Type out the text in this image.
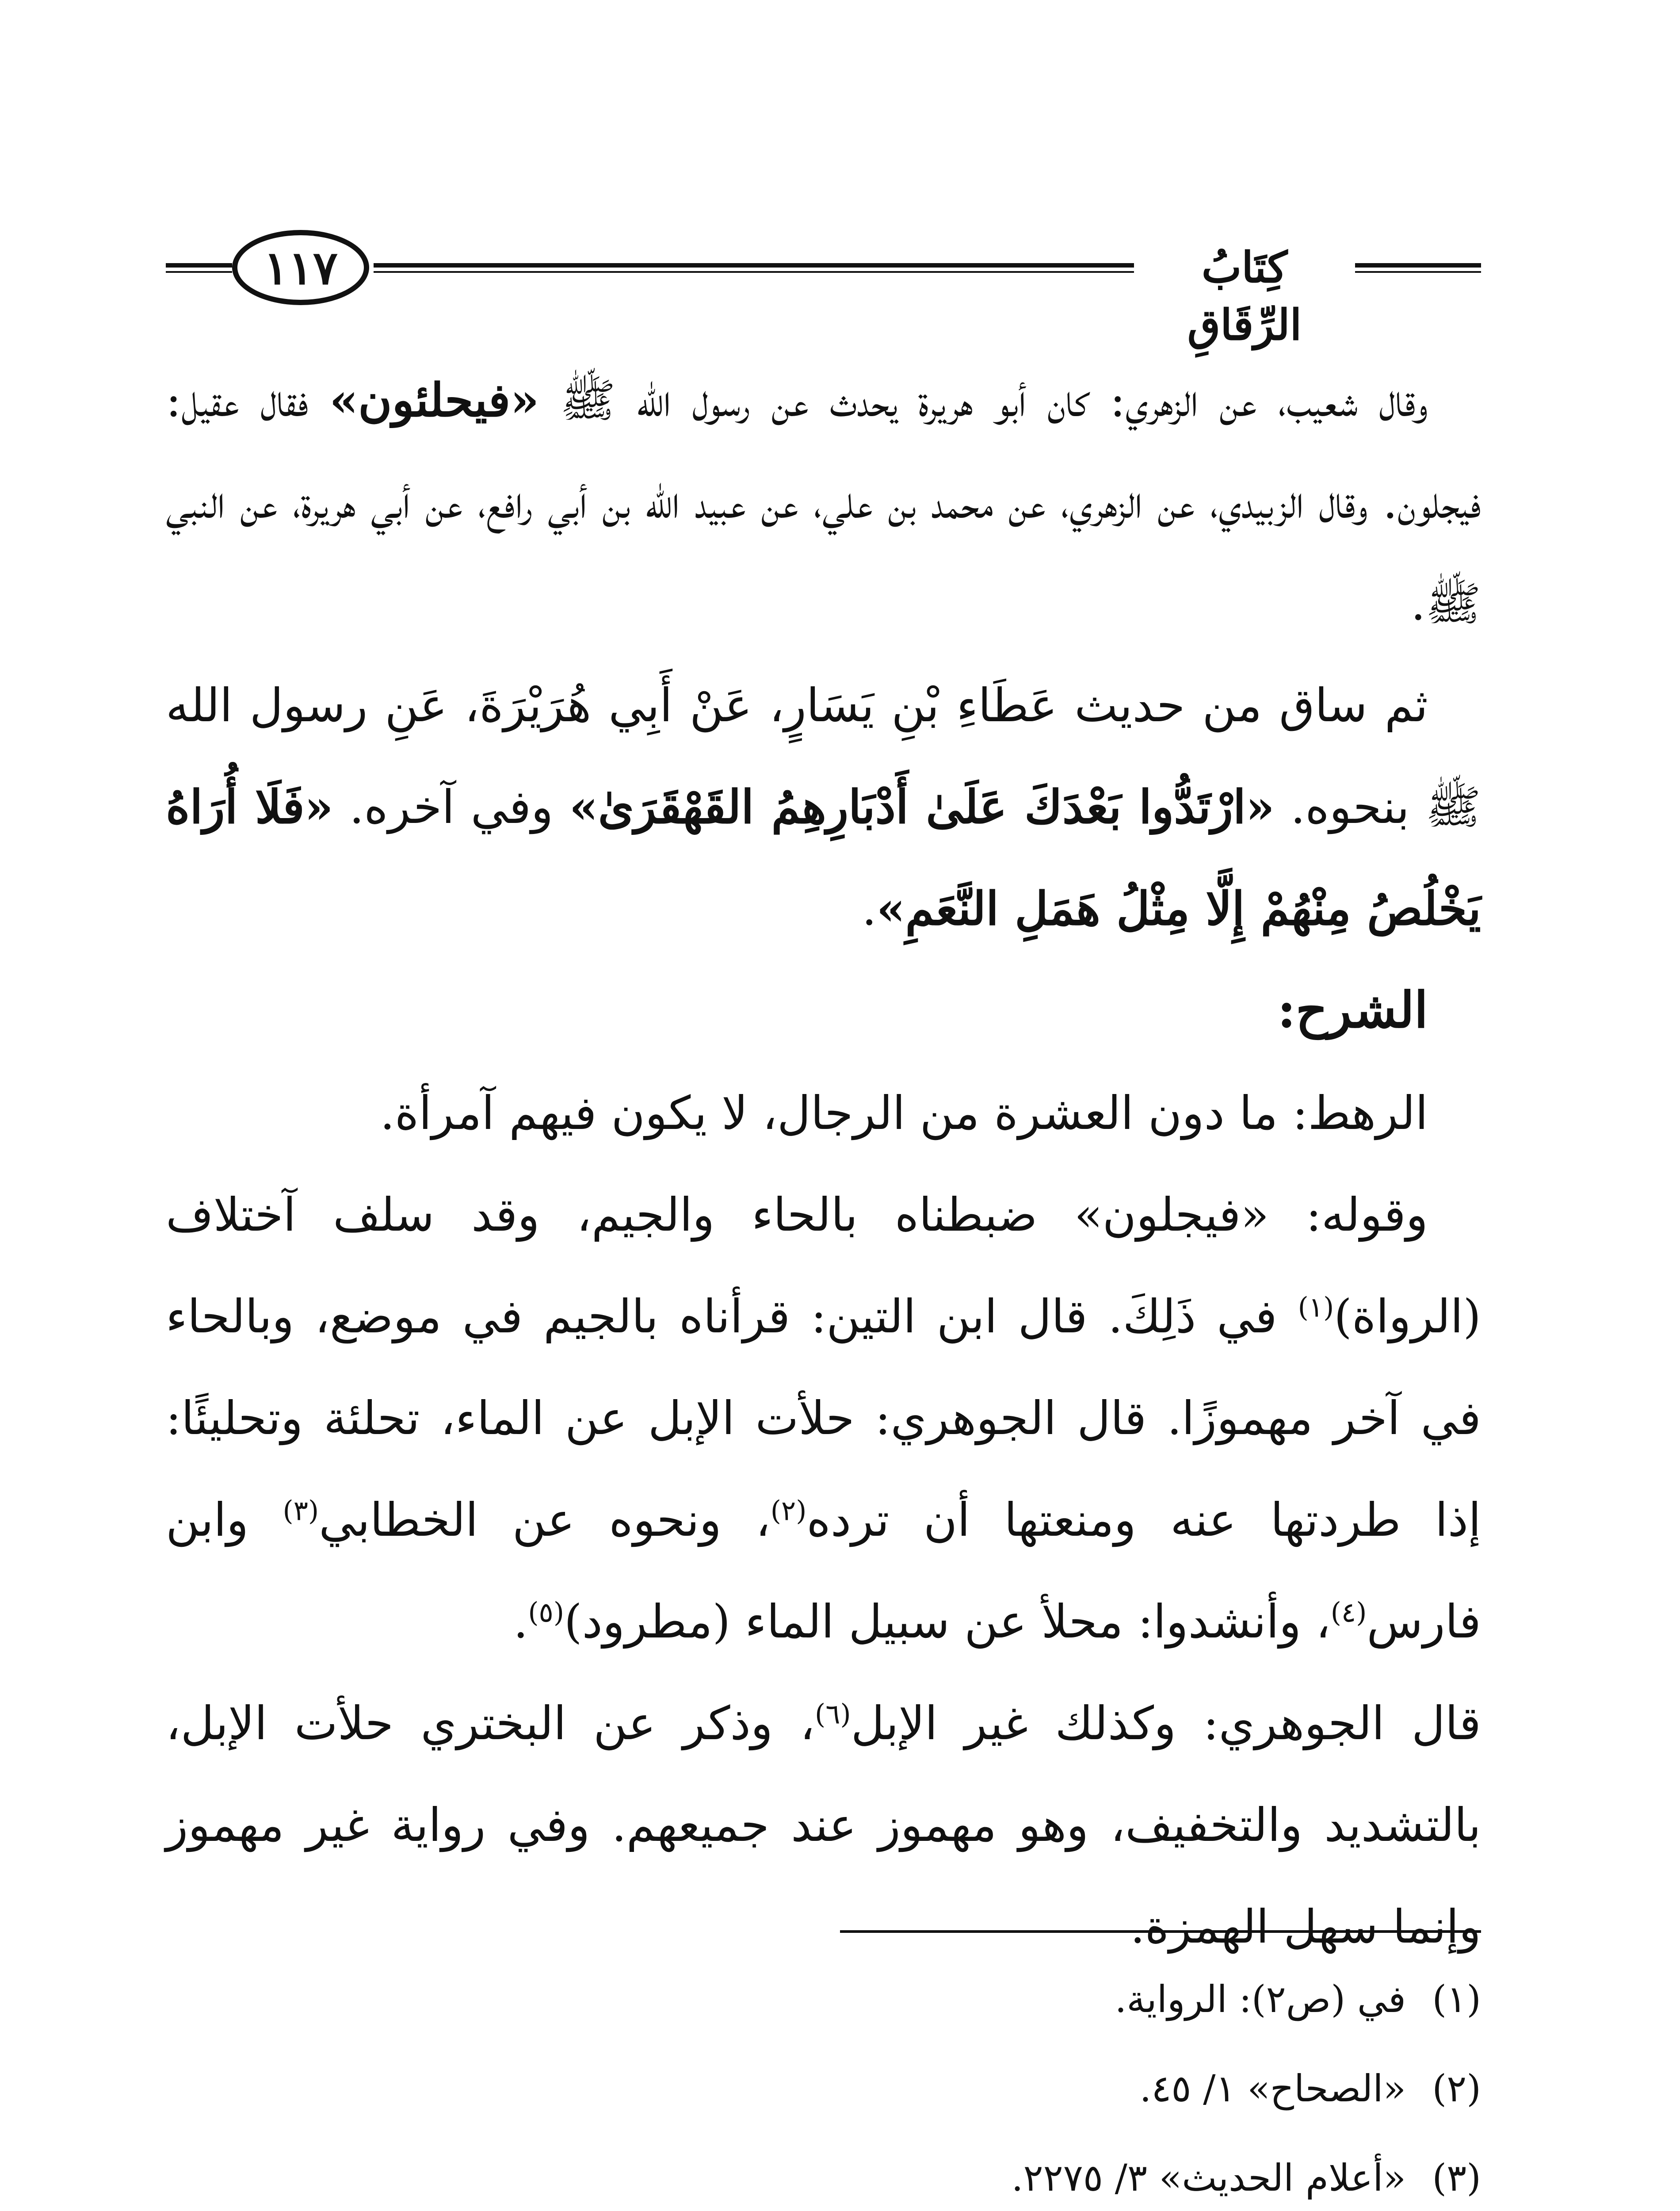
١١٧	كِتَابُ الرِّقَاقِ

وقال شعيب، عن الزهري: كان أبو هريرة يحدث عن رسول الله ﷺ «فيحلئون» فقال عقيل: فيجلون. وقال الزبيدي، عن الزهري، عن محمد بن علي، عن عبيد الله بن أبي رافع، عن أبي هريرة، عن النبي ﷺ.

ثم ساق من حديث عَطَاءِ بْنِ يَسَارٍ، عَنْ أَبِي هُرَيْرَةَ، عَنِ رسول الله ﷺ بنحوه. «ارْتَدُّوا بَعْدَكَ عَلَىٰ أَدْبَارِهِمُ القَهْقَرَىٰ» وفي آخره. «فَلَا أُرَاهُ يَخْلُصُ مِنْهُمْ إِلَّا مِثْلُ هَمَلِ النَّعَمِ».

الشرح:

الرهط: ما دون العشرة من الرجال، لا يكون فيهم آمرأة.

وقوله: «فيجلون» ضبطناه بالحاء والجيم، وقد سلف آختلاف (الرواة)$^{(١)}$ في ذَلِكَ. قال ابن التين: قرأناه بالجيم في موضع، وبالحاء في آخر مهموزًا. قال الجوهري: حلأت الإبل عن الماء، تحلئة وتحليئًا: إذا طردتها عنه ومنعتها أن ترده$^{(٢)}$، ونحوه عن الخطابي$^{(٣)}$ وابن فارس$^{(٤)}$، وأنشدوا: محلأ عن سبيل الماء (مطرود)$^{(٥)}$.

قال الجوهري: وكذلك غير الإبل$^{(٦)}$، وذكر عن البختري حلأت الإبل، بالتشديد والتخفيف، وهو مهموز عند جميعهم. وفي رواية غير مهموز وإنما سهل الهمزة.

(١)
في (ص٢): الرواية.
(٢)
«الصحاح» ١/ ٤٥.
(٣)
«أعلام الحديث» ٣/ ٢٢٧٥.
